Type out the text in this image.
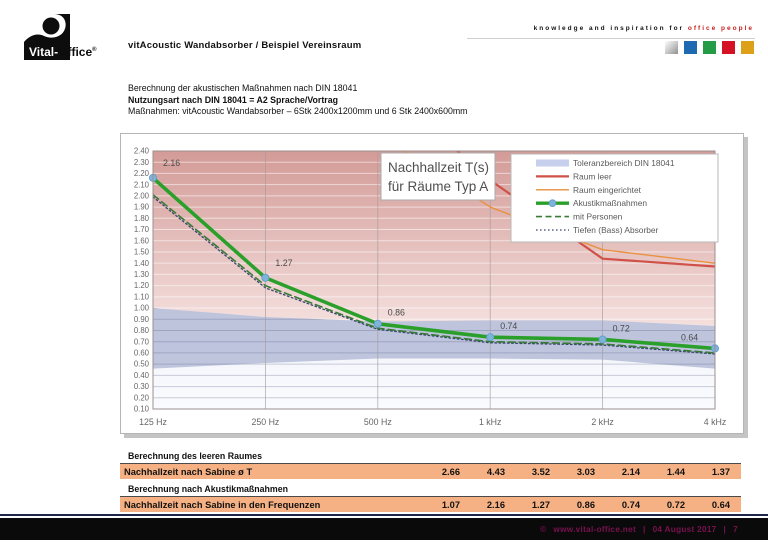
Vital-Office®
knowledge and inspiration for office people
vitAcoustic Wandabsorber / Beispiel Vereinsraum
Berechnung der akustischen Maßnahmen nach DIN 18041
Nutzungsart nach DIN 18041 = A2 Sprache/Vortrag
Maßnahmen: vitAcoustic Wandabsorber – 6Stk 2400x1200mm und 6 Stk 2400x600mm
2.16
1.27
0.86
0.74	0.72
0.64
0.10
0.20
0.30
0.40
0.50
0.60
0.70
0.80
0.90
1.00
1.10
1.20
1.30
1.40
1.50
1.60
1.70
1.80
1.90
2.00
2.10
2.20
2.30
2.40
125 Hz	250 Hz	500 Hz	1 kHz	2 kHz	4 kHz
Nachhallzeit T(s)
für Räume Typ A
Toleranzbereich DIN 18041
Raum leer
Raum eingerichtet
Akustikmaßnahmen
mit Personen
Tiefen (Bass) Absorber
Berechnung des leeren Raumes
Nachhallzeit nach Sabine ø T	2.66	4.43	3.52	3.03	2.14	1.44	1.37
Berechnung nach Akustikmaßnahmen
Nachhallzeit nach Sabine in den Frequenzen	1.07	2.16	1.27	0.86	0.74	0.72	0.64
© www.vital-office.net | 04 August 2017 | 7
